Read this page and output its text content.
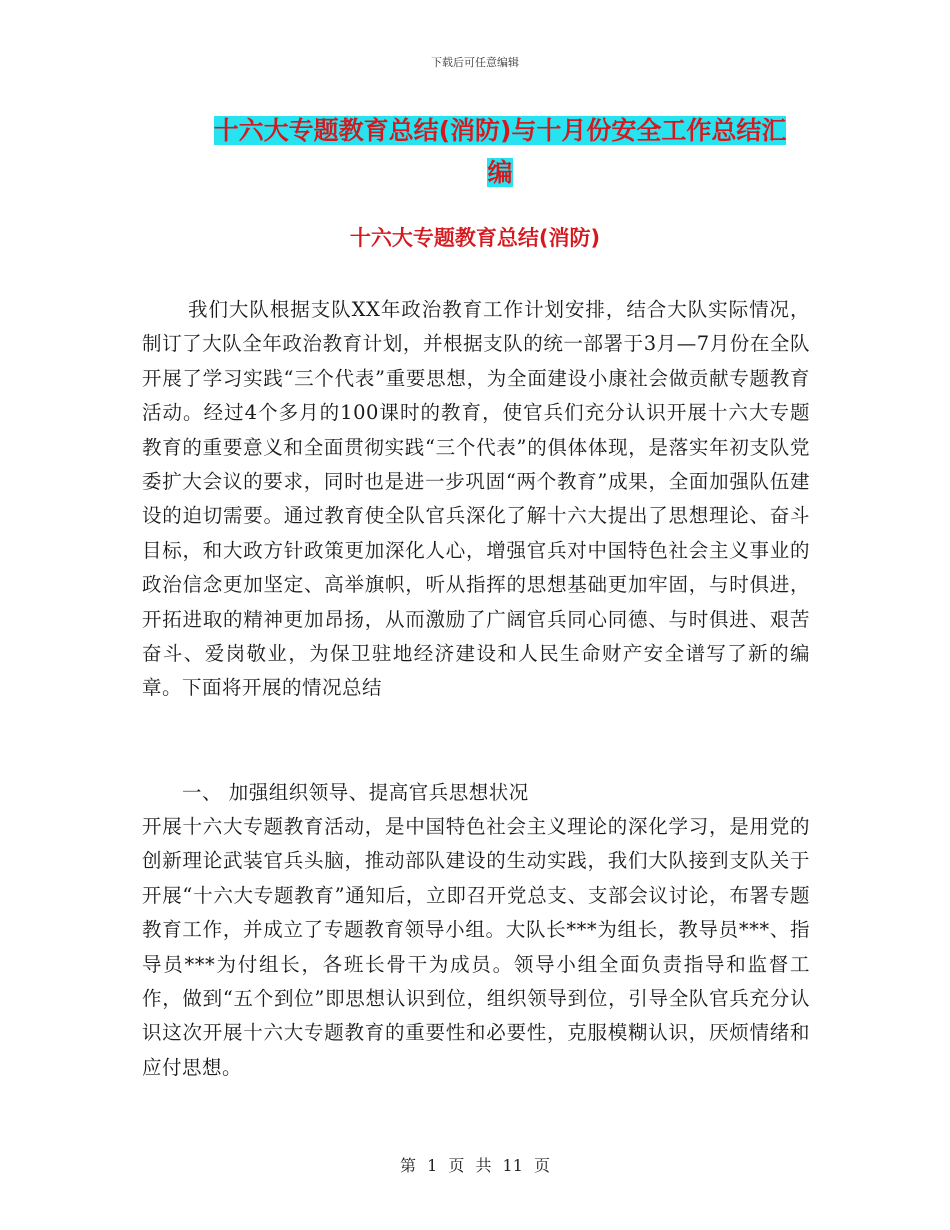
下载后可任意编辑
十六大专题教育总结(消防)与十月份安全工作总结汇
编
十六大专题教育总结(消防)
我们大队根据支队XX年政治教育工作计划安排，结合大队实际情况，制订了大队全年政治教育计划，并根据支队的统一部署于3月—7月份在全队开展了学习实践“三个代表”重要思想，为全面建设小康社会做贡献专题教育活动。经过4个多月的100课时的教育，使官兵们充分认识开展十六大专题教育的重要意义和全面贯彻实践“三个代表”的俱体体现，是落实年初支队党委扩大会议的要求，同时也是进一步巩固“两个教育”成果，全面加强队伍建设的迫切需要。通过教育使全队官兵深化了解十六大提出了思想理论、奋斗目标，和大政方针政策更加深化人心，增强官兵对中国特色社会主义事业的政治信念更加坚定、高举旗帜，听从指挥的思想基础更加牢固，与时俱进，开拓进取的精神更加昂扬，从而激励了广阔官兵同心同德、与时俱进、艰苦奋斗、爱岗敬业，为保卫驻地经济建设和人民生命财产安全谱写了新的编章。下面将开展的情况总结
一、 加强组织领导、提高官兵思想状况
开展十六大专题教育活动，是中国特色社会主义理论的深化学习，是用党的创新理论武装官兵头脑，推动部队建设的生动实践，我们大队接到支队关于开展“十六大专题教育”通知后，立即召开党总支、支部会议讨论，布署专题教育工作，并成立了专题教育领导小组。大队长***为组长，教导员***、指导员***为付组长，各班长骨干为成员。领导小组全面负责指导和监督工作，做到“五个到位”即思想认识到位，组织领导到位，引导全队官兵充分认识这次开展十六大专题教育的重要性和必要性，克服模糊认识，厌烦情绪和应付思想。
第 1 页 共 11 页
